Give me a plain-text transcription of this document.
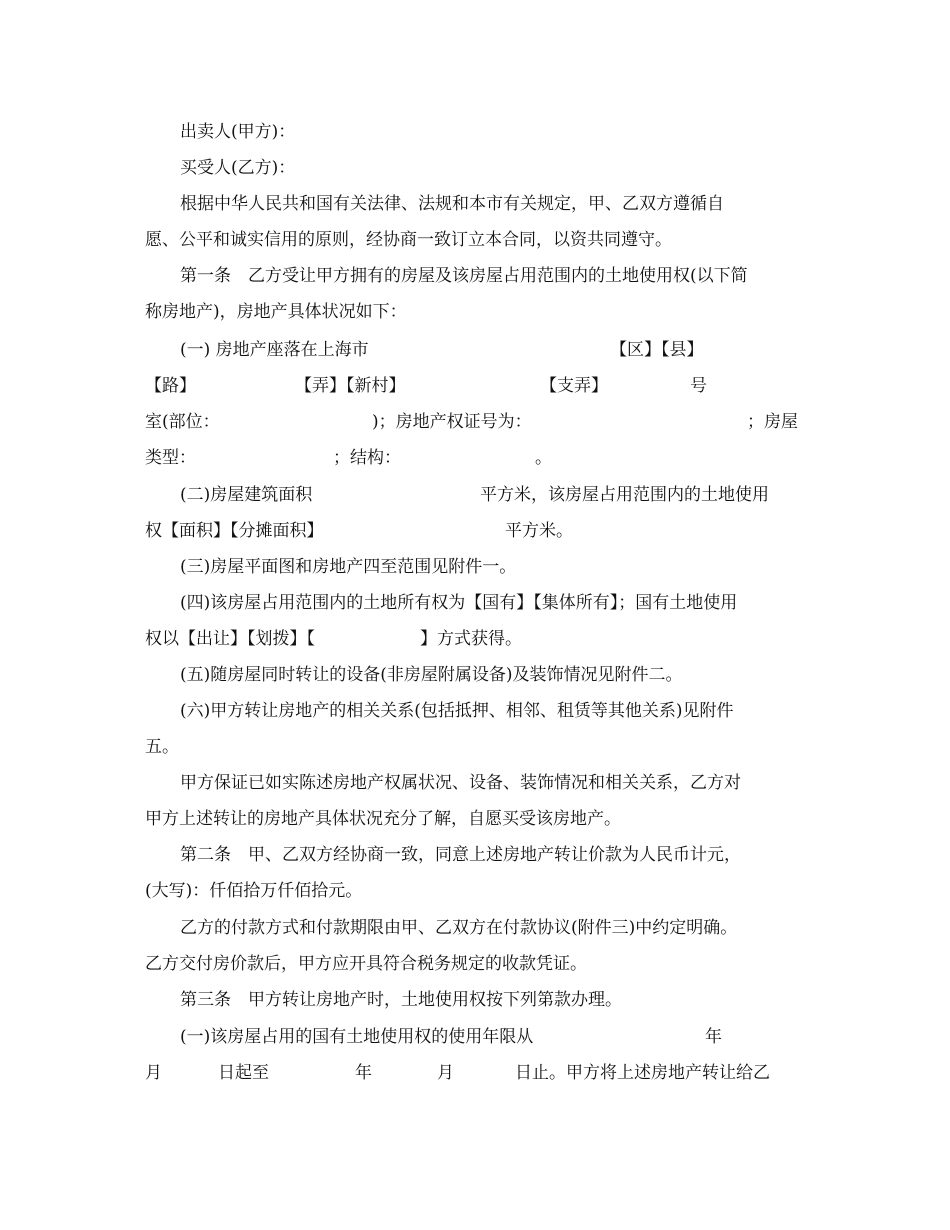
出卖人(甲方)：
买受人(乙方)：
根据中华人民共和国有关法律、法规和本市有关规定，甲、乙双方遵循自
愿、公平和诚实信用的原则，经协商一致订立本合同，以资共同遵守。
第一条　乙方受让甲方拥有的房屋及该房屋占用范围内的土地使用权(以下简
称房地产)，房地产具体状况如下：
(一) 房地产座落在上海市	【区】【县】
【路】	【弄】【新村】	【支弄】	号
室(部位：	)；房地产权证号为：	；房屋
类型：	；结构：	。
(二)房屋建筑面积	平方米，该房屋占用范围内的土地使用
权【面积】【分摊面积】	平方米。
(三)房屋平面图和房地产四至范围见附件一。
(四)该房屋占用范围内的土地所有权为【国有】【集体所有】；国有土地使用
权以【出让】【划拨】【	】方式获得。
(五)随房屋同时转让的设备(非房屋附属设备)及装饰情况见附件二。
(六)甲方转让房地产的相关关系(包括抵押、相邻、租赁等其他关系)见附件
五。
甲方保证已如实陈述房地产权属状况、设备、装饰情况和相关关系，乙方对
甲方上述转让的房地产具体状况充分了解，自愿买受该房地产。
第二条　甲、乙双方经协商一致，同意上述房地产转让价款为人民币计元，
(大写)：仟佰拾万仟佰拾元。
乙方的付款方式和付款期限由甲、乙双方在付款协议(附件三)中约定明确。
乙方交付房价款后，甲方应开具符合税务规定的收款凭证。
第三条　甲方转让房地产时，土地使用权按下列第款办理。
(一)该房屋占用的国有土地使用权的使用年限从	年
月	日起至	年	月	日止。甲方将上述房地产转让给乙
